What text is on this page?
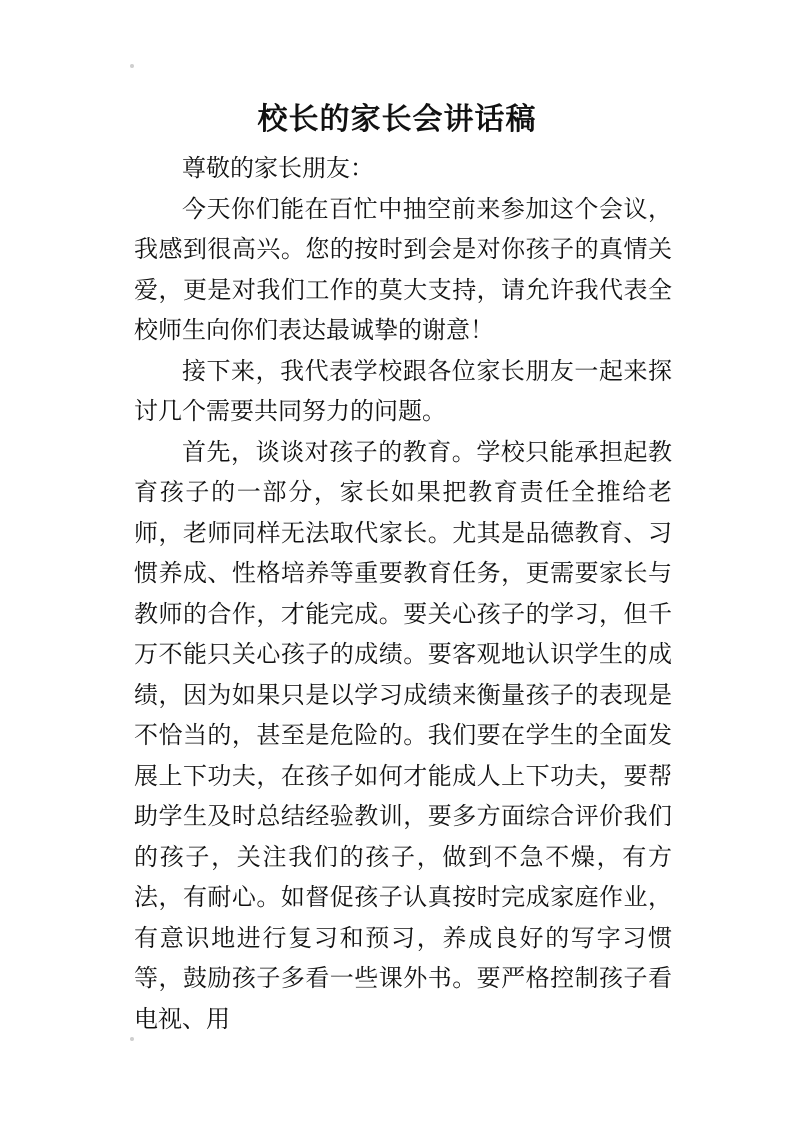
校长的家长会讲话稿

尊敬的家长朋友：

今天你们能在百忙中抽空前来参加这个会议，我感到很高兴。您的按时到会是对你孩子的真情关爱，更是对我们工作的莫大支持，请允许我代表全校师生向你们表达最诚挚的谢意！

接下来，我代表学校跟各位家长朋友一起来探讨几个需要共同努力的问题。

首先，谈谈对孩子的教育。学校只能承担起教育孩子的一部分，家长如果把教育责任全推给老师，老师同样无法取代家长。尤其是品德教育、习惯养成、性格培养等重要教育任务，更需要家长与教师的合作，才能完成。要关心孩子的学习，但千万不能只关心孩子的成绩。要客观地认识学生的成绩，因为如果只是以学习成绩来衡量孩子的表现是不恰当的，甚至是危险的。我们要在学生的全面发展上下功夫，在孩子如何才能成人上下功夫，要帮助学生及时总结经验教训，要多方面综合评价我们的孩子，关注我们的孩子，做到不急不燥，有方法，有耐心。如督促孩子认真按时完成家庭作业，有意识地进行复习和预习，养成良好的写字习惯等，鼓励孩子多看一些课外书。要严格控制孩子看电视、用
